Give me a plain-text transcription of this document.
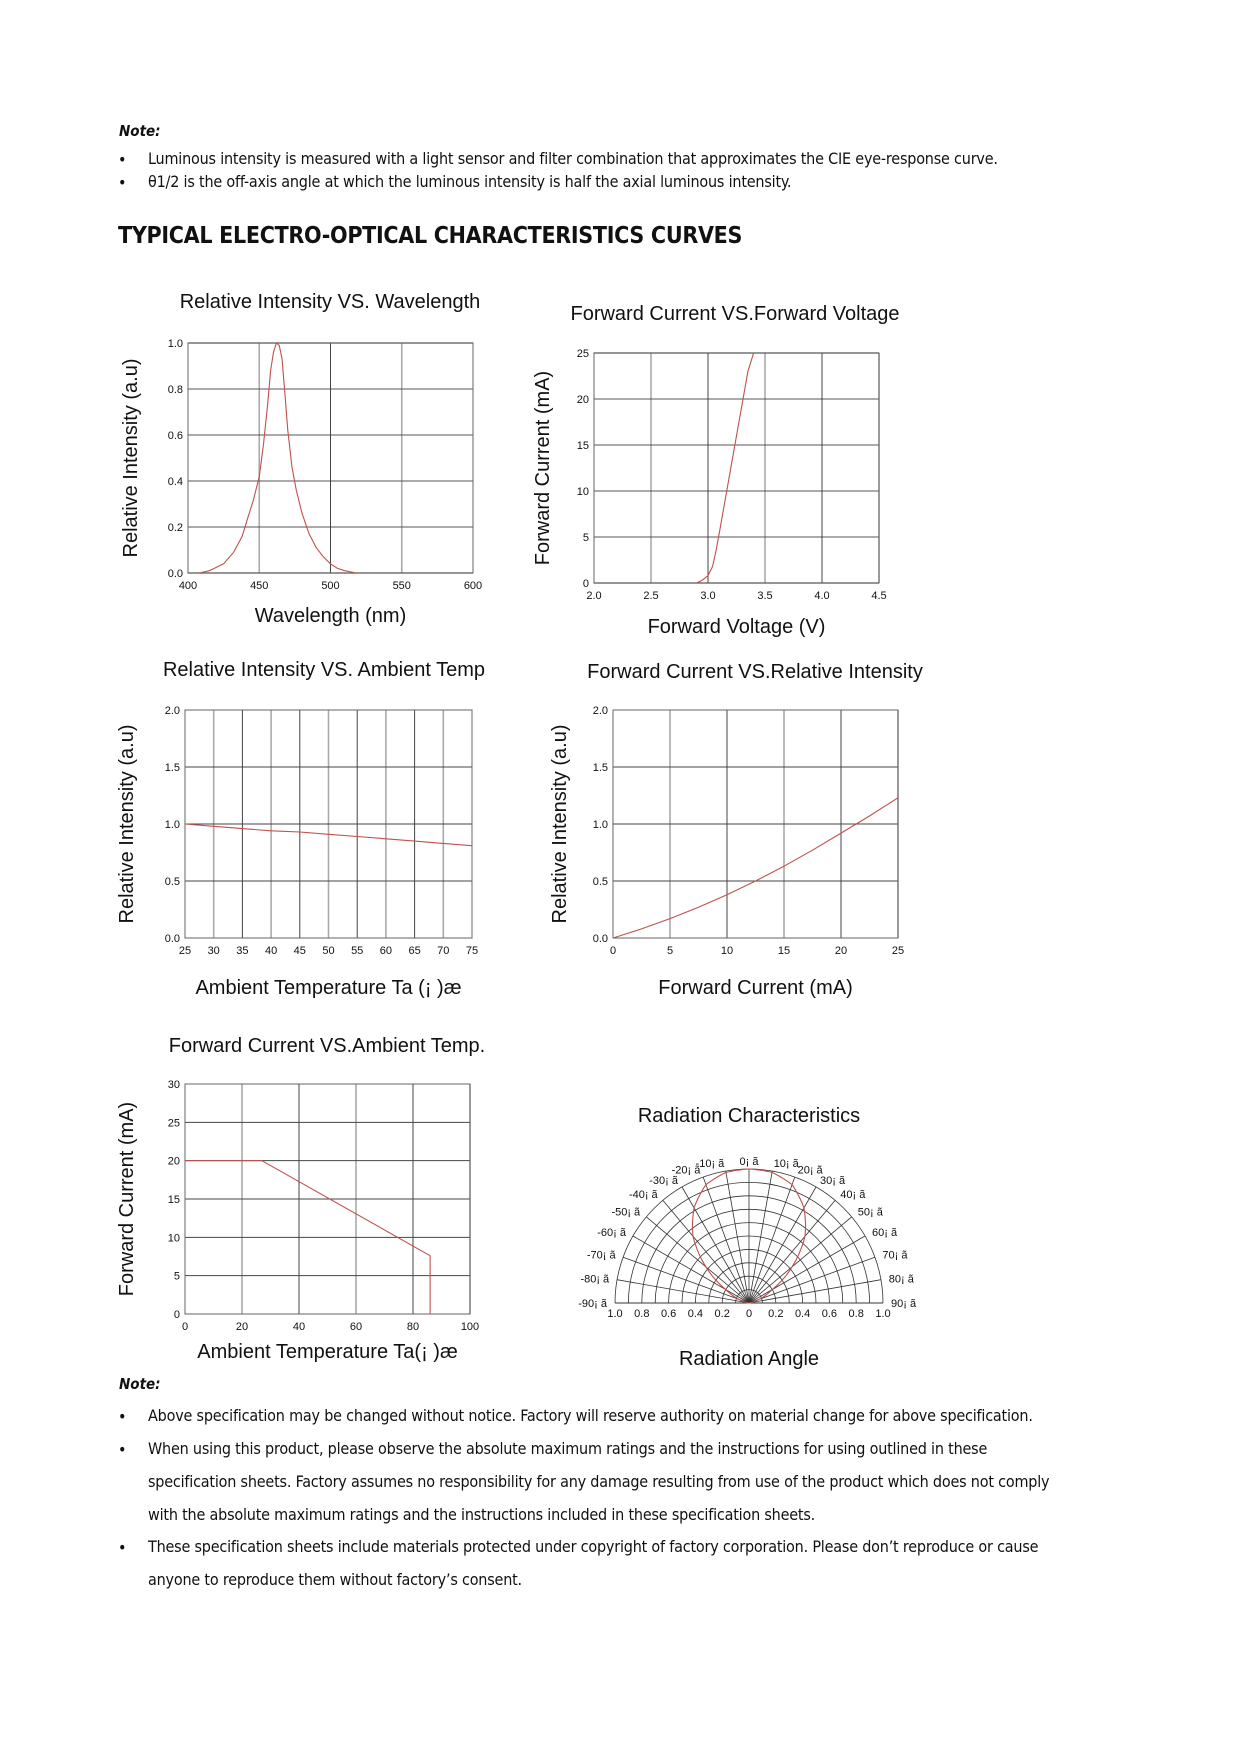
Note:
• Luminous intensity is measured with a light sensor and filter combination that approximates the CIE eye-response curve.
• θ1/2 is the off-axis angle at which the luminous intensity is half the axial luminous intensity.
TYPICAL ELECTRO-OPTICAL CHARACTERISTICS CURVES
Relative Intensity VS. Wavelength
400	450	500	550	600
0.0
0.2
0.4
0.6
0.8
1.0
Wavelength (nm)
Relative Intensity (a.u)
Forward Current VS.Forward Voltage
2.0	2.5	3.0	3.5	4.0	4.5
0
5
10
15
20
25
Forward Voltage (V)
Forward Current (mA)
Relative Intensity VS. Ambient Temp
25 30 35 40 45 50 55 60 65 70 75
0.0
0.5
1.0
1.5
2.0
Ambient Temperature Ta (¡ )æ
Relative Intensity (a.u)
Forward Current VS.Relative Intensity
0	5	10	15	20	25
0.0
0.5
1.0
1.5
2.0
Forward Current (mA)
Relative Intensity (a.u)
Forward Current VS.Ambient Temp.
0	20	40	60	80	100
0
5
10
15
20
25
30
Ambient Temperature Ta(¡ )æ
Forward Current (mA)	Radiation Characteristics
-90¡ ã
-80¡ ã
-70¡ ã
-60¡ ã
-50¡ ã
-40¡ ã
-30¡ ã
-20¡ ã
-10¡ ã 0¡ ã 10¡ ã
20¡ ã
30¡ ã
40¡ ã
50¡ ã
60¡ ã
70¡ ã
80¡ ã
90¡ ã
1.0 0.8 0.6 0.4 0.2 0 0.2 0.4 0.6 0.8 1.0
Radiation Angle
Note:
• Above specification may be changed without notice. Factory will reserve authority on material change for above specification.
• When using this product, please observe the absolute maximum ratings and the instructions for using outlined in these
specification sheets. Factory assumes no responsibility for any damage resulting from use of the product which does not comply
with the absolute maximum ratings and the instructions included in these specification sheets.
• These specification sheets include materials protected under copyright of factory corporation. Please don’t reproduce or cause
anyone to reproduce them without factory’s consent.
